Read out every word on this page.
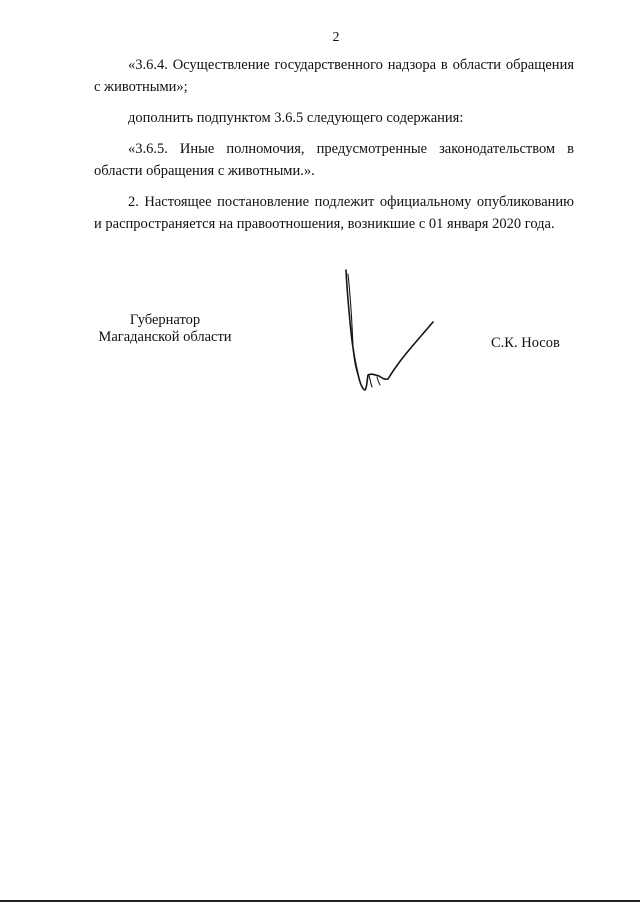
2

«3.6.4. Осуществление государственного надзора в области обращения с животными»;

дополнить подпунктом 3.6.5 следующего содержания:

«3.6.5. Иные полномочия, предусмотренные законодательством в области обращения с животными.».

2. Настоящее постановление подлежит официальному опубликованию и распространяется на правоотношения, возникшие с 01 января 2020 года.

Губернатор
Магаданской области	С.К. Носов
